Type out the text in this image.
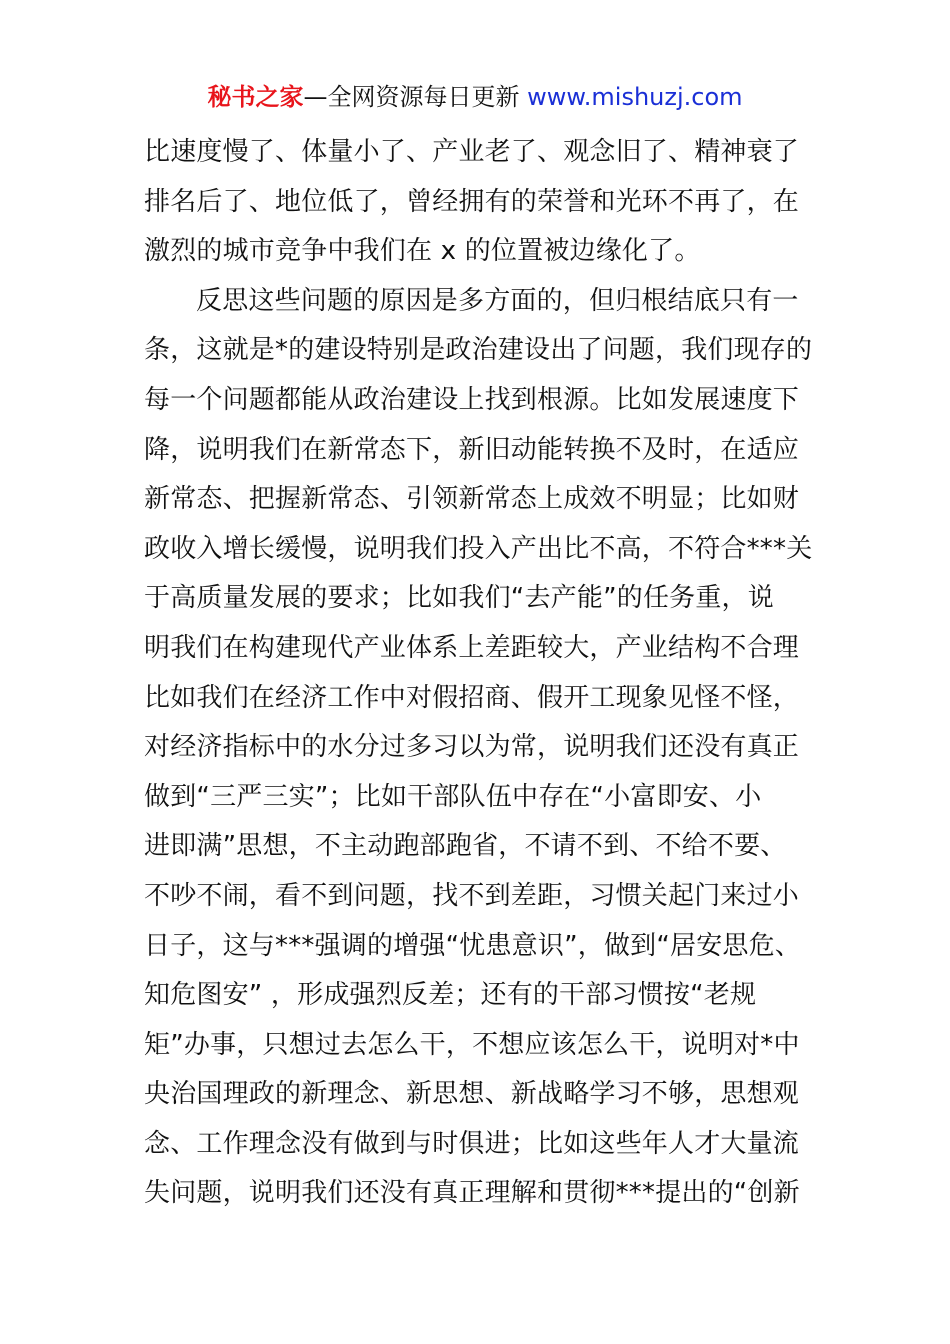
秘书之家—全网资源每日更新 www.mishuzj.com
比速度慢了、体量小了、产业老了、观念旧了、精神衰了
排名后了、地位低了，曾经拥有的荣誉和光环不再了，在
激烈的城市竞争中我们在 x 的位置被边缘化了。
反思这些问题的原因是多方面的，但归根结底只有一
条，这就是*的建设特别是政治建设出了问题，我们现存的
每一个问题都能从政治建设上找到根源。比如发展速度下
降，说明我们在新常态下，新旧动能转换不及时，在适应
新常态、把握新常态、引领新常态上成效不明显；比如财
政收入增长缓慢，说明我们投入产出比不高，不符合***关
于高质量发展的要求；比如我们“去产能”的任务重，说
明我们在构建现代产业体系上差距较大，产业结构不合理
比如我们在经济工作中对假招商、假开工现象见怪不怪，
对经济指标中的水分过多习以为常，说明我们还没有真正
做到“三严三实”；比如干部队伍中存在“小富即安、小
进即满”思想，不主动跑部跑省，不请不到、不给不要、
不吵不闹，看不到问题，找不到差距，习惯关起门来过小
日子，这与***强调的增强“忧患意识”，做到“居安思危、
知危图安” ，形成强烈反差；还有的干部习惯按“老规
矩”办事，只想过去怎么干，不想应该怎么干，说明对*中
央治国理政的新理念、新思想、新战略学习不够，思想观
念、工作理念没有做到与时俱进；比如这些年人才大量流
失问题，说明我们还没有真正理解和贯彻***提出的“创新
